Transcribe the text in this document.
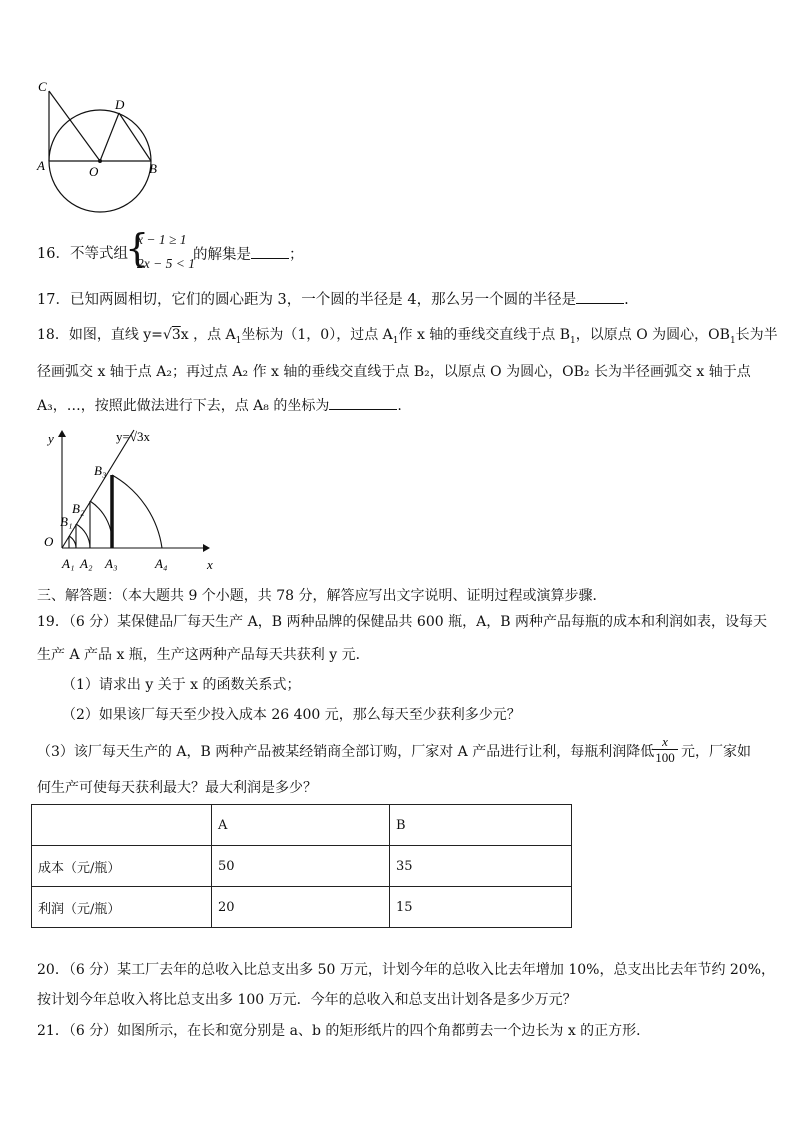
C
D
A	O	B
16．不等式组
{
x − 1 ≥ 1
2x − 5 < 1
的解集是	；
17．已知两圆相切，它们的圆心距为 3，一个圆的半径是 4，那么另一个圆的半径是	.
18．如图，直线 y=√3x ，点 $A_1$坐标为（1，0），过点 $A_1$作 x 轴的垂线交直线于点 $B_1$，以原点 O 为圆心，$OB_1$长为半
径画弧交 x 轴于点 A₂；再过点 A₂ 作 x 轴的垂线交直线于点 B₂，以原点 O 为圆心，OB₂ 长为半径画弧交 x 轴于点
A₃，…，按照此做法进行下去，点 A₈ 的坐标为	.
y=√3x
y
x
O
B₃
B₂
B₁
A₁ A₂ A₃	A₄
三、解答题：（本大题共 9 个小题，共 78 分，解答应写出文字说明、证明过程或演算步骤．
19．（6 分）某保健品厂每天生产 A，B 两种品牌的保健品共 600 瓶，A，B 两种产品每瓶的成本和利润如表，设每天
生产 A 产品 x 瓶，生产这两种产品每天共获利 y 元．
（1）请求出 y 关于 x 的函数关系式；
（2）如果该厂每天至少投入成本 26 400 元，那么每天至少获利多少元？
（3）该厂每天生产的 A，B 两种产品被某经销商全部订购，厂家对 A 产品进行让利，每瓶利润降低
$\frac{x}{100}$ 元，厂家如
何生产可使每天获利最大？最大利润是多少？
	A	B
成本（元/瓶）	50	35
利润（元/瓶）	20	15
20．（6 分）某工厂去年的总收入比总支出多 50 万元，计划今年的总收入比去年增加 10%，总支出比去年节约 20%，
按计划今年总收入将比总支出多 100 万元．今年的总收入和总支出计划各是多少万元？
21．（6 分）如图所示，在长和宽分别是 a、b 的矩形纸片的四个角都剪去一个边长为 x 的正方形．
